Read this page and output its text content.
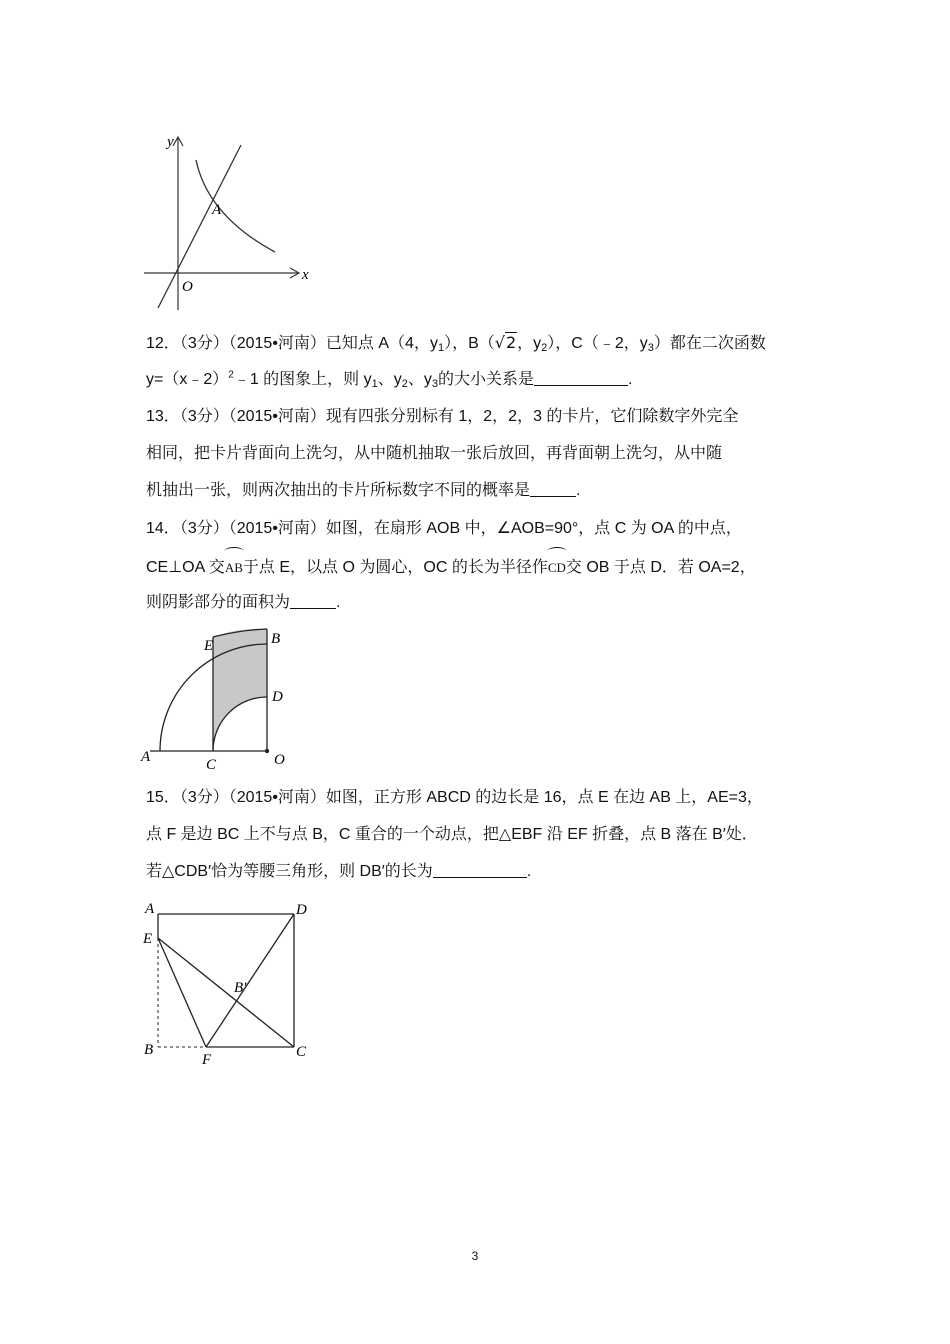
y
x
O
A
12．（3分）（2015•河南）已知点 A（4，$y_1$），B（√2，$y_2$），C（﹣2，$y_3$）都在二次函数
y=（x﹣2）$^2$﹣1 的图象上，则 $y_1$、$y_2$、$y_3$的大小关系是	.
13．（3分）（2015•河南）现有四张分别标有 1，2，2，3 的卡片，它们除数字外完全
相同，把卡片背面向上洗匀，从中随机抽取一张后放回，再背面朝上洗匀，从中随
机抽出一张，则两次抽出的卡片所标数字不同的概率是	.
14．（3分）（2015•河南）如图，在扇形 AOB 中，∠AOB=90°，点 C 为 OA 的中点，
CE⊥OA 交AB于点 E，以点 O 为圆心，OC 的长为半径作CD交 OB 于点 D．若 OA=2，
则阴影部分的面积为	.
A	C	O
D
B
E
15．（3分）（2015•河南）如图，正方形 ABCD 的边长是 16，点 E 在边 AB 上，AE=3，
点 F 是边 BC 上不与点 B，C 重合的一个动点，把△EBF 沿 EF 折叠，点 B 落在 B′处．
若△CDB′恰为等腰三角形，则 DB′的长为	.
A
E
B
F	C
D
B′
3
